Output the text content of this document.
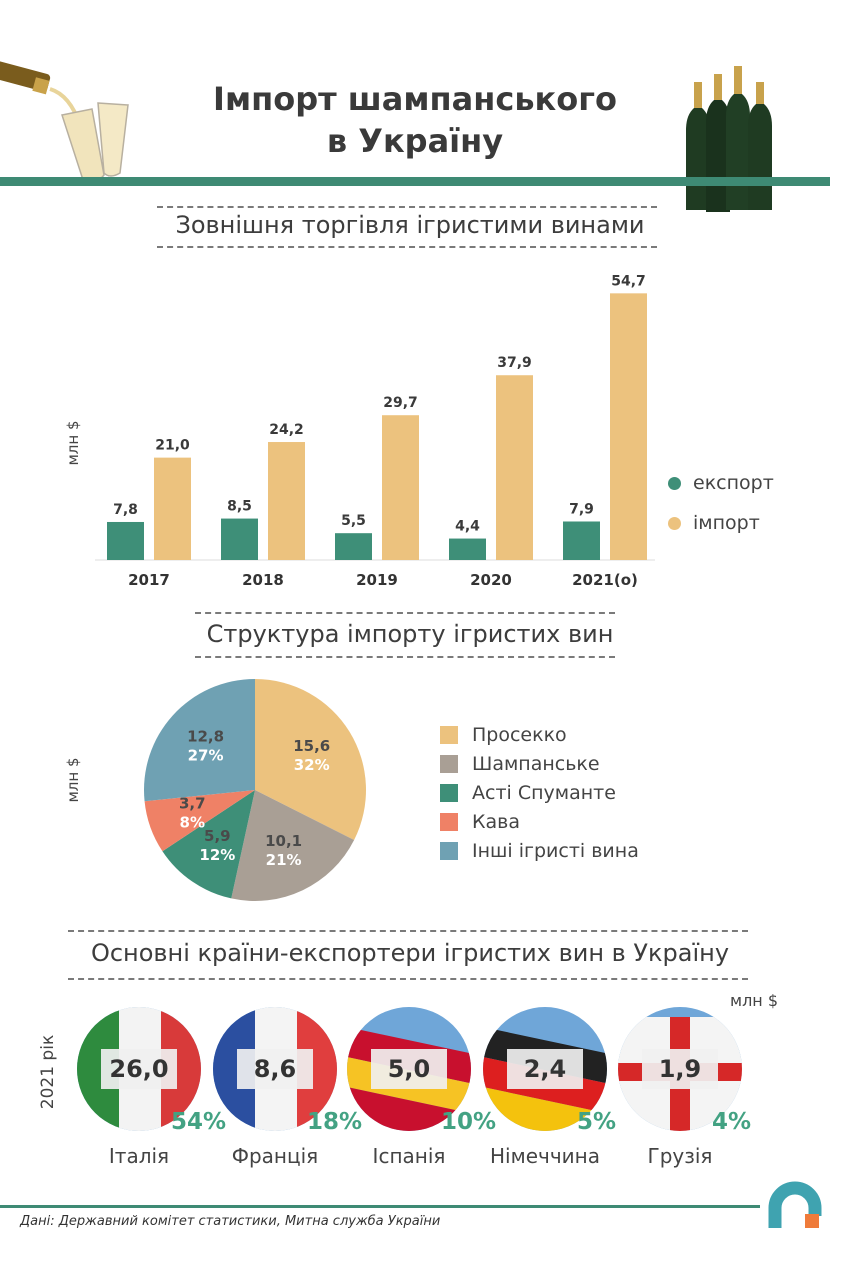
Імпорт шампанського
в Україну
Зовнішня торгівля ігристими винами
7,8
21,0
2017
8,5
24,2
2018
5,5
29,7
2019
4,4
37,9
2020
7,9
54,7
2021(о)
млн $
експорт
імпорт
Структура імпорту ігристих вин
15,6
32%
10,1
21%
5,9
12%
3,7
8%
12,8
27%
млн $
Просекко
Шампанське
Асті Спуманте
Кава
Інші ігристі вина
Основні країни-експортери ігристих вин в Україну
млн $
2021 рік	26,0
54%
Італія
8,6
18%
Франція
5,0
10%
Іспанія
2,4
5%
Німеччина
1,9
4%
Грузія
Дані: Державний комітет статистики, Митна служба України
